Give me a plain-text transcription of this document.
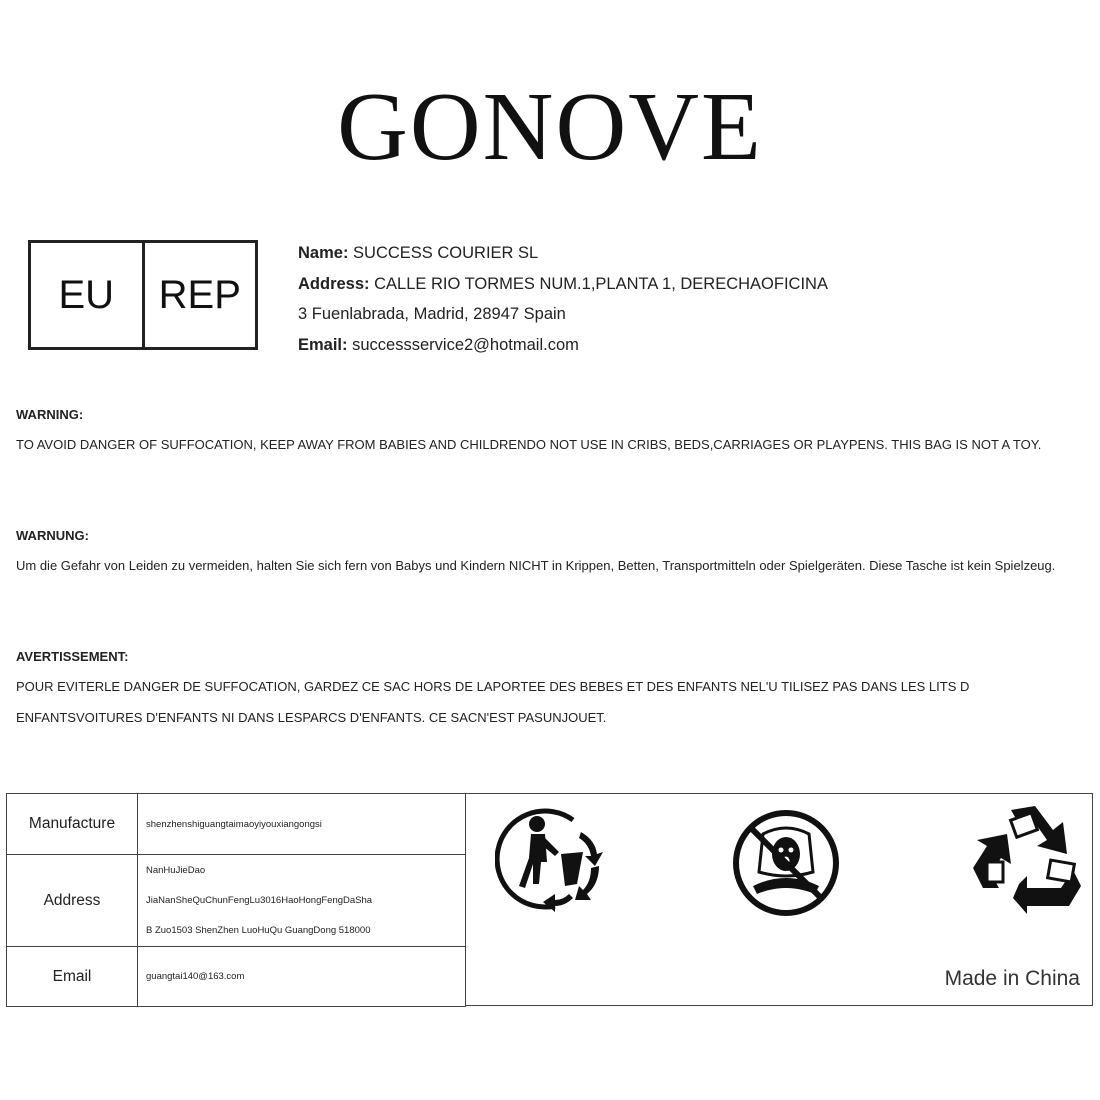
GONOVE
EU	REP
Name: SUCCESS COURIER SL
Address: CALLE RIO TORMES NUM.1,PLANTA 1, DERECHAOFICINA
3 Fuenlabrada, Madrid, 28947 Spain
Email: successservice2@hotmail.com
WARNING:
TO AVOID DANGER OF SUFFOCATION, KEEP AWAY FROM BABIES AND CHILDRENDO NOT USE IN CRIBS, BEDS,CARRIAGES OR PLAYPENS. THIS BAG IS NOT A TOY.
WARNUNG:
Um die Gefahr von Leiden zu vermeiden, halten Sie sich fern von Babys und Kindern NICHT in Krippen, Betten, Transportmitteln oder Spielgeräten. Diese Tasche ist kein Spielzeug.
AVERTISSEMENT:
POUR EVITERLE DANGER DE SUFFOCATION, GARDEZ CE SAC HORS DE LAPORTEE DES BEBES ET DES ENFANTS NEL'U TILISEZ PAS DANS LES LITS D ENFANTSVOITURES D'ENFANTS NI DANS LESPARCS D'ENFANTS. CE SACN'EST PASUNJOUET.
Manufacture	shenzhenshiguangtaimaoyiyouxiangongsi
Address	NanHuJieDao
JiaNanSheQuChunFengLu3016HaoHongFengDaSha
B Zuo1503 ShenZhen LuoHuQu GuangDong 518000

Email	guangtai140@163.com	Made in China
